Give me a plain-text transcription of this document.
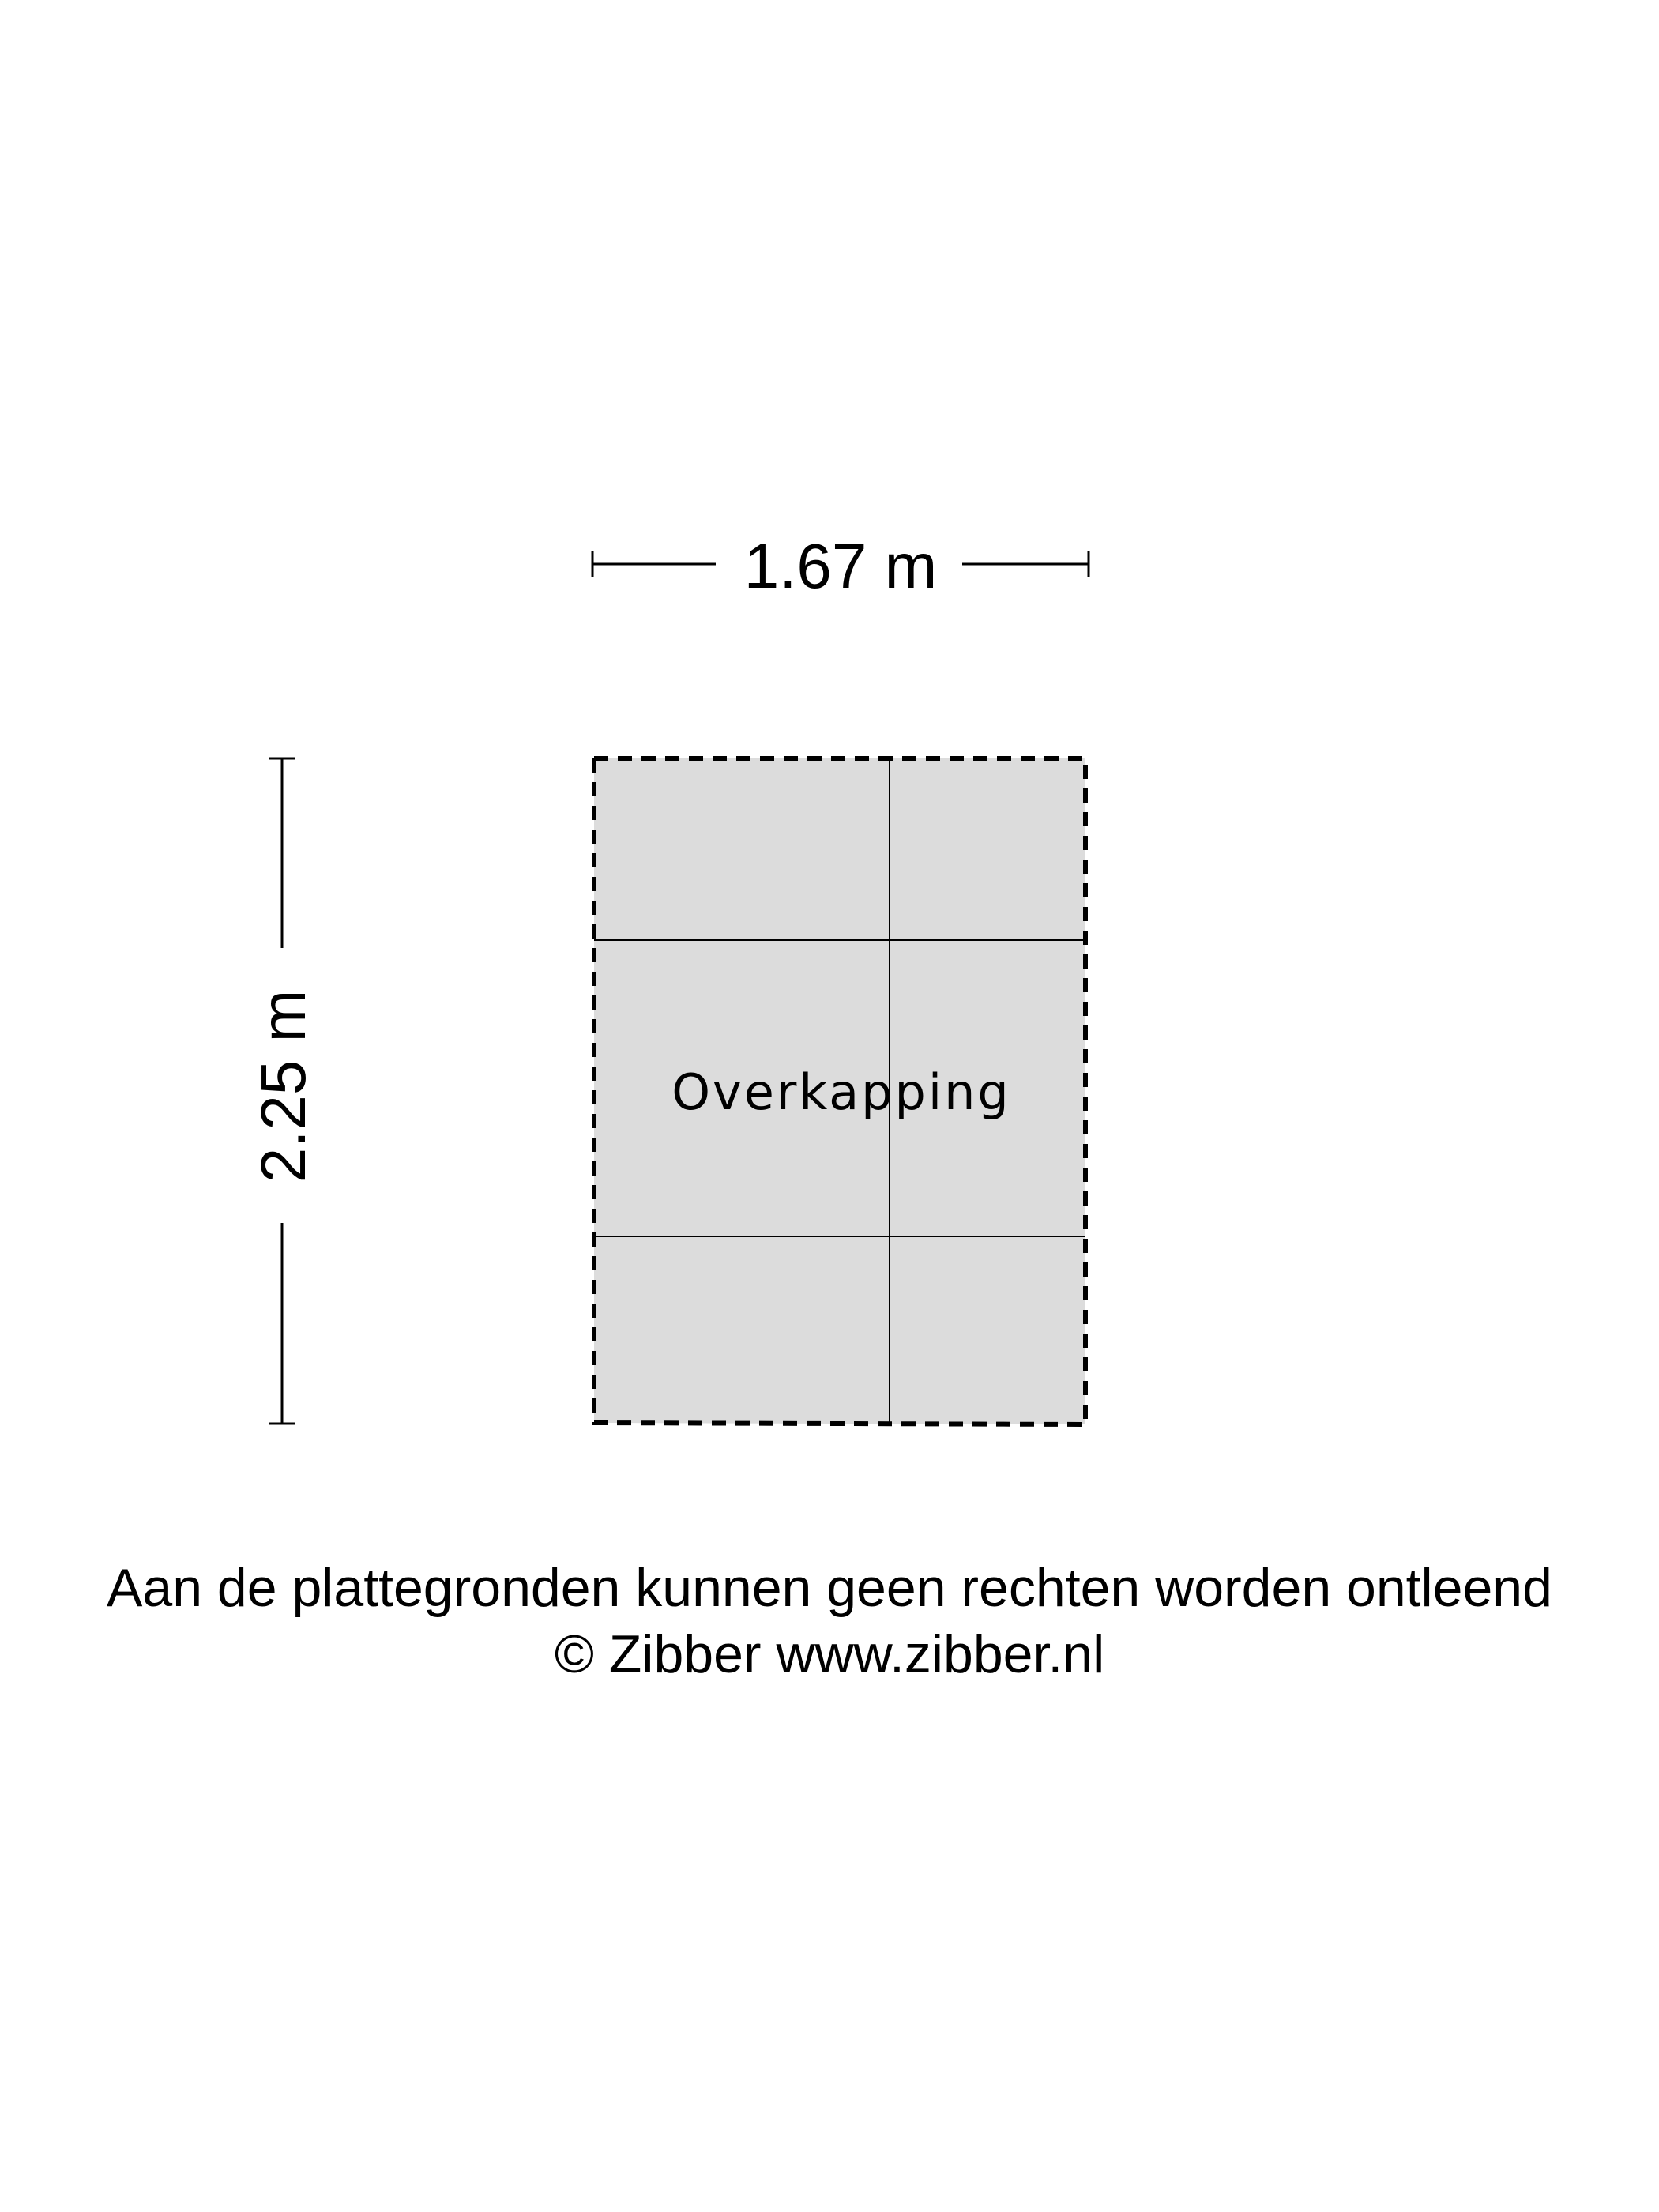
1.67 m
2.25 m	Overkapping
Aan de plattegronden kunnen geen rechten worden ontleend
© Zibber www.zibber.nl
